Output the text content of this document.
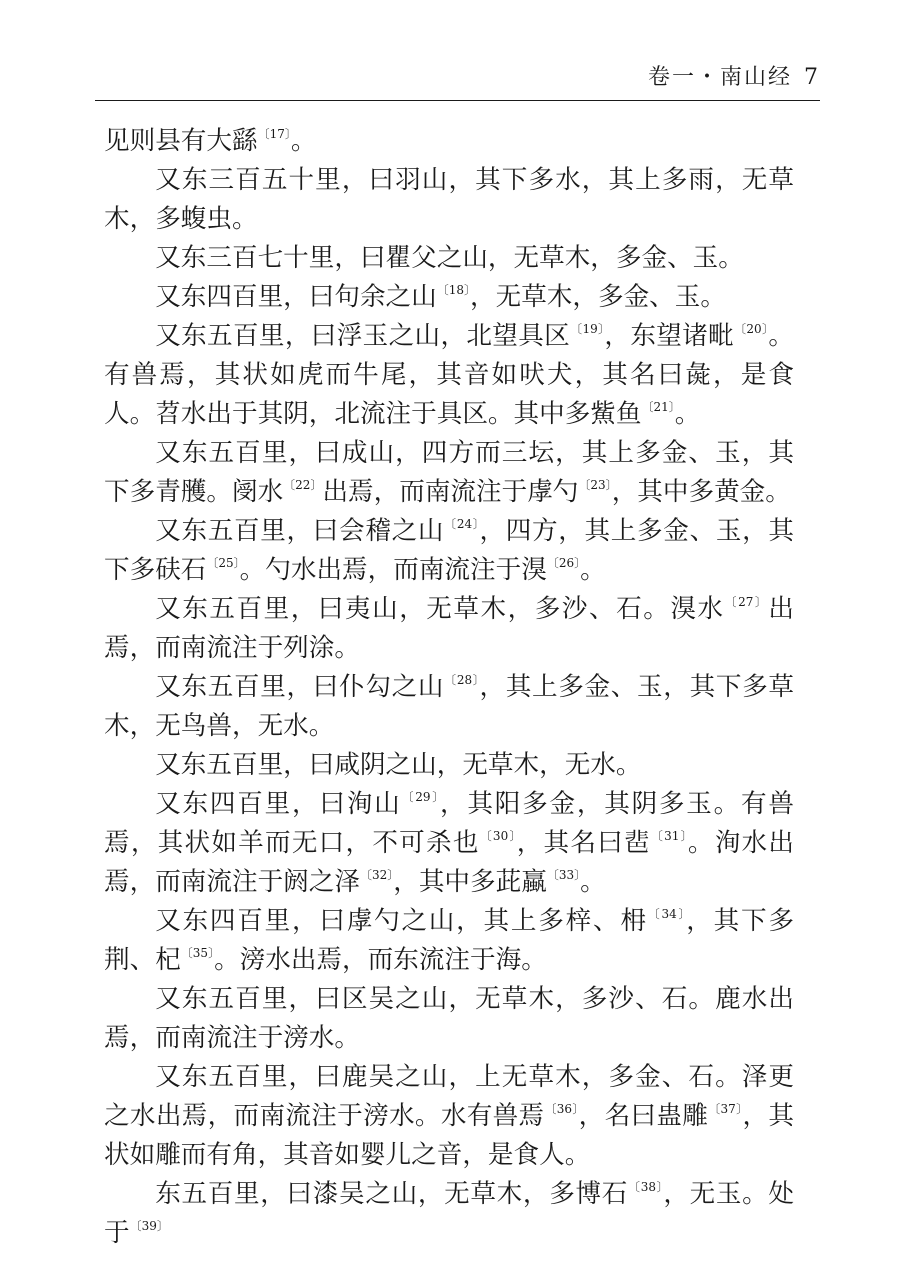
卷一・南山经 7

见则县有大繇$^{〔17〕}$。

又东三百五十里，曰羽山，其下多水，其上多雨，无草木，多蝮虫。

又东三百七十里，曰瞿父之山，无草木，多金、玉。

又东四百里，曰句余之山$^{〔18〕}$，无草木，多金、玉。

又东五百里，曰浮玉之山，北望具区$^{〔19〕}$，东望诸毗$^{〔20〕}$。有兽焉，其状如虎而牛尾，其音如吠犬，其名曰彘，是食人。苕水出于其阴，北流注于具区。其中多鮆鱼$^{〔21〕}$。

又东五百里，曰成山，四方而三坛，其上多金、玉，其下多青雘。阌水$^{〔22〕}$出焉，而南流注于虖勺$^{〔23〕}$，其中多黄金。

又东五百里，曰会稽之山$^{〔24〕}$，四方，其上多金、玉，其下多砆石$^{〔25〕}$。勺水出焉，而南流注于湨$^{〔26〕}$。

又东五百里，曰夷山，无草木，多沙、石。湨水$^{〔27〕}$出焉，而南流注于列涂。

又东五百里，曰仆勾之山$^{〔28〕}$，其上多金、玉，其下多草木，无鸟兽，无水。

又东五百里，曰咸阴之山，无草木，无水。

又东四百里，曰洵山$^{〔29〕}$，其阳多金，其阴多玉。有兽焉，其状如羊而无口，不可杀也$^{〔30〕}$，其名曰𩇯$^{〔31〕}$。洵水出焉，而南流注于阏之泽$^{〔32〕}$，其中多茈蠃$^{〔33〕}$。

又东四百里，曰虖勺之山，其上多梓、枏$^{〔34〕}$，其下多荆、杞$^{〔35〕}$。滂水出焉，而东流注于海。

又东五百里，曰区吴之山，无草木，多沙、石。鹿水出焉，而南流注于滂水。

又东五百里，曰鹿吴之山，上无草木，多金、石。泽更之水出焉，而南流注于滂水。水有兽焉$^{〔36〕}$，名曰蛊雕$^{〔37〕}$，其状如雕而有角，其音如婴儿之音，是食人。

东五百里，曰漆吴之山，无草木，多博石$^{〔38〕}$，无玉。处于$^{〔39〕}$
